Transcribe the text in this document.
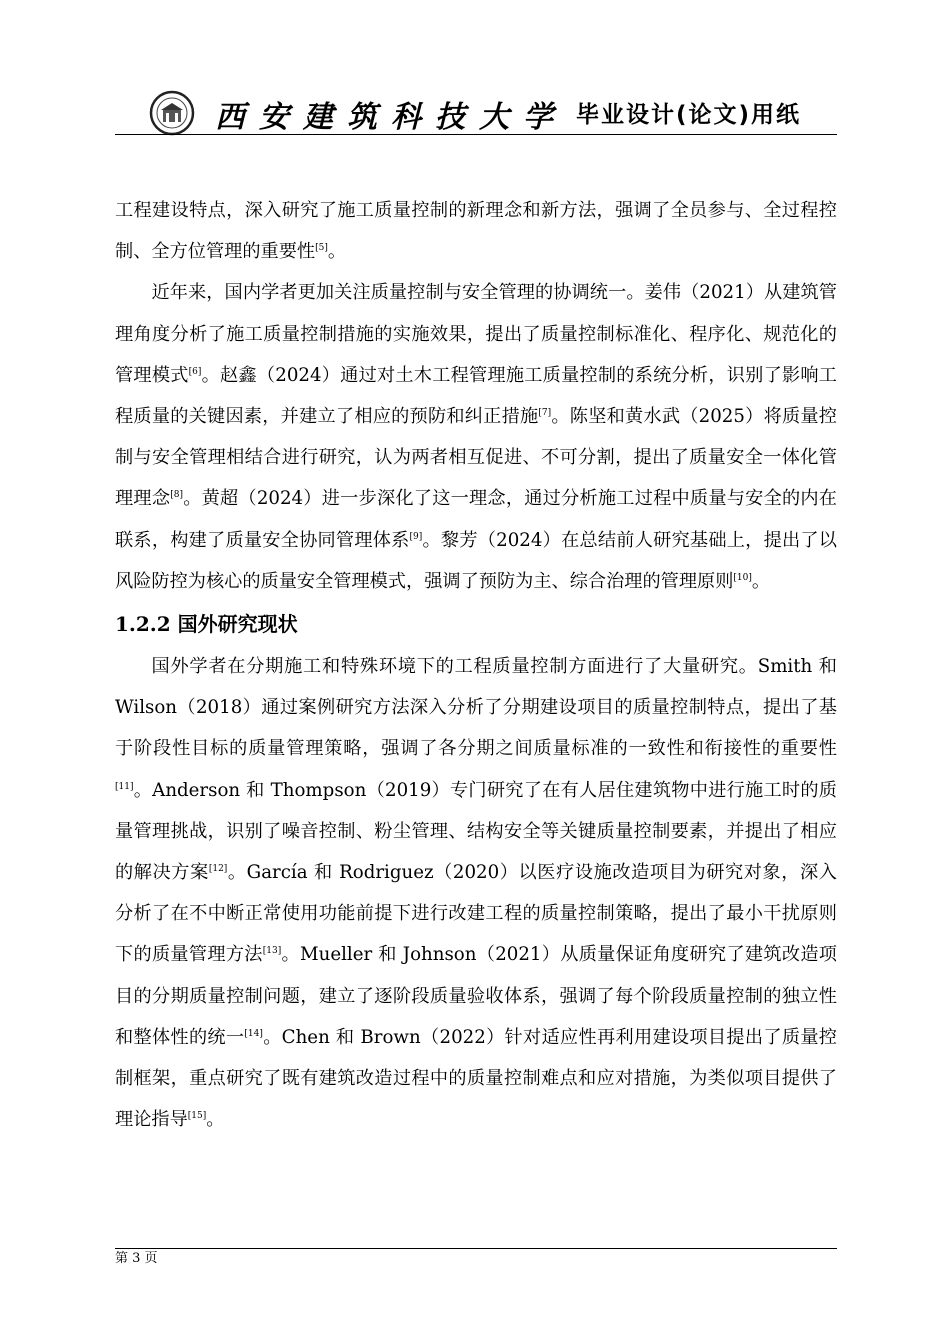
西安建筑科技大学 毕业设计(论文)用纸

工程建设特点，深入研究了施工质量控制的新理念和新方法，强调了全员参与、全过程控制、全方位管理的重要性[5]。

近年来，国内学者更加关注质量控制与安全管理的协调统一。姜伟（2021）从建筑管理角度分析了施工质量控制措施的实施效果，提出了质量控制标准化、程序化、规范化的管理模式[6]。赵鑫（2024）通过对土木工程管理施工质量控制的系统分析，识别了影响工程质量的关键因素，并建立了相应的预防和纠正措施[7]。陈坚和黄水武（2025）将质量控制与安全管理相结合进行研究，认为两者相互促进、不可分割，提出了质量安全一体化管理理念[8]。黄超（2024）进一步深化了这一理念，通过分析施工过程中质量与安全的内在联系，构建了质量安全协同管理体系[9]。黎芳（2024）在总结前人研究基础上，提出了以风险防控为核心的质量安全管理模式，强调了预防为主、综合治理的管理原则[10]。

1.2.2 国外研究现状

国外学者在分期施工和特殊环境下的工程质量控制方面进行了大量研究。Smith 和 Wilson（2018）通过案例研究方法深入分析了分期建设项目的质量控制特点，提出了基于阶段性目标的质量管理策略，强调了各分期之间质量标准的一致性和衔接性的重要性[11]。Anderson 和 Thompson（2019）专门研究了在有人居住建筑物中进行施工时的质量管理挑战，识别了噪音控制、粉尘管理、结构安全等关键质量控制要素，并提出了相应的解决方案[12]。García 和 Rodriguez（2020）以医疗设施改造项目为研究对象，深入分析了在不中断正常使用功能前提下进行改建工程的质量控制策略，提出了最小干扰原则下的质量管理方法[13]。Mueller 和 Johnson（2021）从质量保证角度研究了建筑改造项目的分期质量控制问题，建立了逐阶段质量验收体系，强调了每个阶段质量控制的独立性和整体性的统一[14]。Chen 和 Brown（2022）针对适应性再利用建设项目提出了质量控制框架，重点研究了既有建筑改造过程中的质量控制难点和应对措施，为类似项目提供了理论指导[15]。

第 3 页
